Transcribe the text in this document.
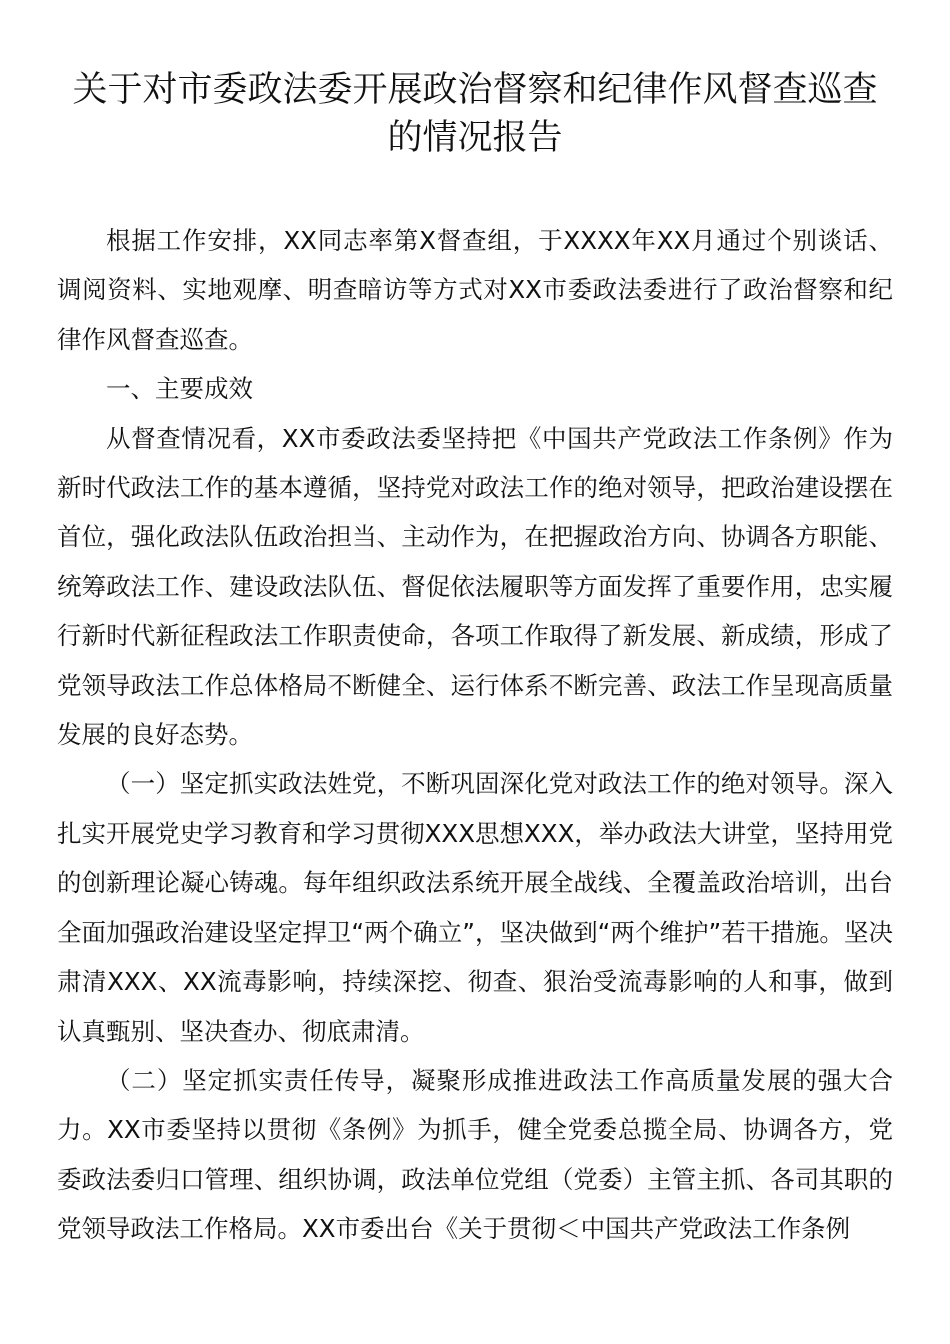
关于对市委政法委开展政治督察和纪律作风督查巡查
的情况报告

根据工作安排，XX同志率第X督查组，于XXXX年XX月通过个别谈话、调阅资料、实地观摩、明查暗访等方式对XX市委政法委进行了政治督察和纪律作风督查巡查。

一、主要成效

从督查情况看，XX市委政法委坚持把《中国共产党政法工作条例》作为新时代政法工作的基本遵循，坚持党对政法工作的绝对领导，把政治建设摆在首位，强化政法队伍政治担当、主动作为，在把握政治方向、协调各方职能、统筹政法工作、建设政法队伍、督促依法履职等方面发挥了重要作用，忠实履行新时代新征程政法工作职责使命，各项工作取得了新发展、新成绩，形成了党领导政法工作总体格局不断健全、运行体系不断完善、政法工作呈现高质量发展的良好态势。

（一）坚定抓实政法姓党，不断巩固深化党对政法工作的绝对领导。深入扎实开展党史学习教育和学习贯彻XXX思想XXX，举办政法大讲堂，坚持用党的创新理论凝心铸魂。每年组织政法系统开展全战线、全覆盖政治培训，出台全面加强政治建设坚定捍卫“两个确立”，坚决做到“两个维护”若干措施。坚决肃清XXX、XX流毒影响，持续深挖、彻查、狠治受流毒影响的人和事，做到认真甄别、坚决查办、彻底肃清。

（二）坚定抓实责任传导，凝聚形成推进政法工作高质量发展的强大合力。XX市委坚持以贯彻《条例》为抓手，健全党委总揽全局、协调各方，党委政法委归口管理、组织协调，政法单位党组（党委）主管主抓、各司其职的党领导政法工作格局。XX市委出台《关于贯彻＜中国共产党政法工作条例
